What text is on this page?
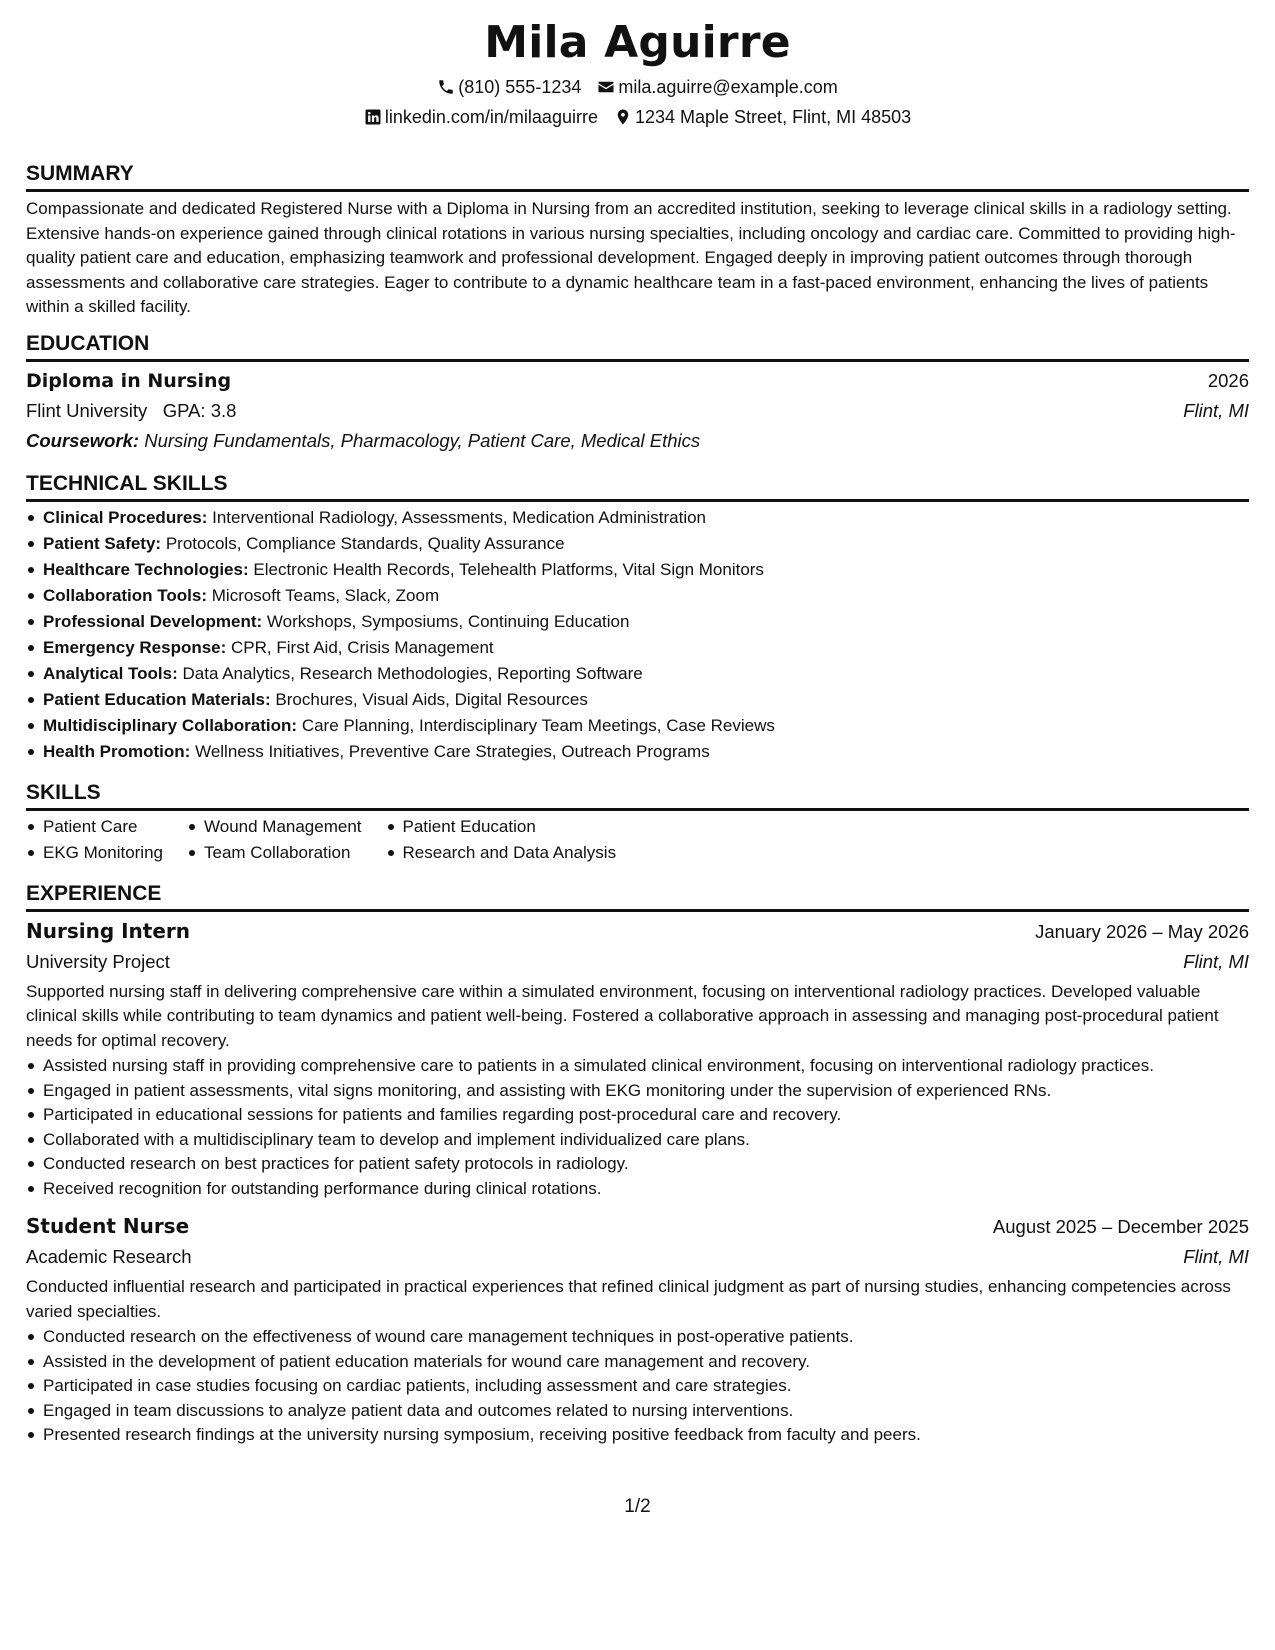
Mila Aguirre
(810) 555-1234 mila.aguirre@example.com
linkedin.com/in/milaaguirre 1234 Maple Street, Flint, MI 48503
SUMMARY

Compassionate and dedicated Registered Nurse with a Diploma in Nursing from an accredited institution, seeking to leverage clinical skills in a radiology setting. Extensive hands-on experience gained through clinical rotations in various nursing specialties, including oncology and cardiac care. Committed to providing high-quality patient care and education, emphasizing teamwork and professional development. Engaged deeply in improving patient outcomes through thorough assessments and collaborative care strategies. Eager to contribute to a dynamic healthcare team in a fast-paced environment, enhancing the lives of patients within a skilled facility.

EDUCATION
Diploma in Nursing	2026
Flint University GPA: 3.8	Flint, MI
Coursework: Nursing Fundamentals, Pharmacology, Patient Care, Medical Ethics
TECHNICAL SKILLS
Clinical Procedures: Interventional Radiology, Assessments, Medication Administration
Patient Safety: Protocols, Compliance Standards, Quality Assurance
Healthcare Technologies: Electronic Health Records, Telehealth Platforms, Vital Sign Monitors
Collaboration Tools: Microsoft Teams, Slack, Zoom
Professional Development: Workshops, Symposiums, Continuing Education
Emergency Response: CPR, First Aid, Crisis Management
Analytical Tools: Data Analytics, Research Methodologies, Reporting Software
Patient Education Materials: Brochures, Visual Aids, Digital Resources
Multidisciplinary Collaboration: Care Planning, Interdisciplinary Team Meetings, Case Reviews
Health Promotion: Wellness Initiatives, Preventive Care Strategies, Outreach Programs
SKILLS
Patient Care
EKG Monitoring
Wound Management
Team Collaboration
Patient Education
Research and Data Analysis
EXPERIENCE
Nursing Intern	January 2026 – May 2026
University Project	Flint, MI

Supported nursing staff in delivering comprehensive care within a simulated environment, focusing on interventional radiology practices. Developed valuable clinical skills while contributing to team dynamics and patient well-being. Fostered a collaborative approach in assessing and managing post-procedural patient needs for optimal recovery.

Assisted nursing staff in providing comprehensive care to patients in a simulated clinical environment, focusing on interventional radiology practices.
Engaged in patient assessments, vital signs monitoring, and assisting with EKG monitoring under the supervision of experienced RNs.
Participated in educational sessions for patients and families regarding post-procedural care and recovery.
Collaborated with a multidisciplinary team to develop and implement individualized care plans.
Conducted research on best practices for patient safety protocols in radiology.
Received recognition for outstanding performance during clinical rotations.
Student Nurse	August 2025 – December 2025
Academic Research	Flint, MI

Conducted influential research and participated in practical experiences that refined clinical judgment as part of nursing studies, enhancing competencies across varied specialties.

Conducted research on the effectiveness of wound care management techniques in post-operative patients.
Assisted in the development of patient education materials for wound care management and recovery.
Participated in case studies focusing on cardiac patients, including assessment and care strategies.
Engaged in team discussions to analyze patient data and outcomes related to nursing interventions.
Presented research findings at the university nursing symposium, receiving positive feedback from faculty and peers.
1/2
